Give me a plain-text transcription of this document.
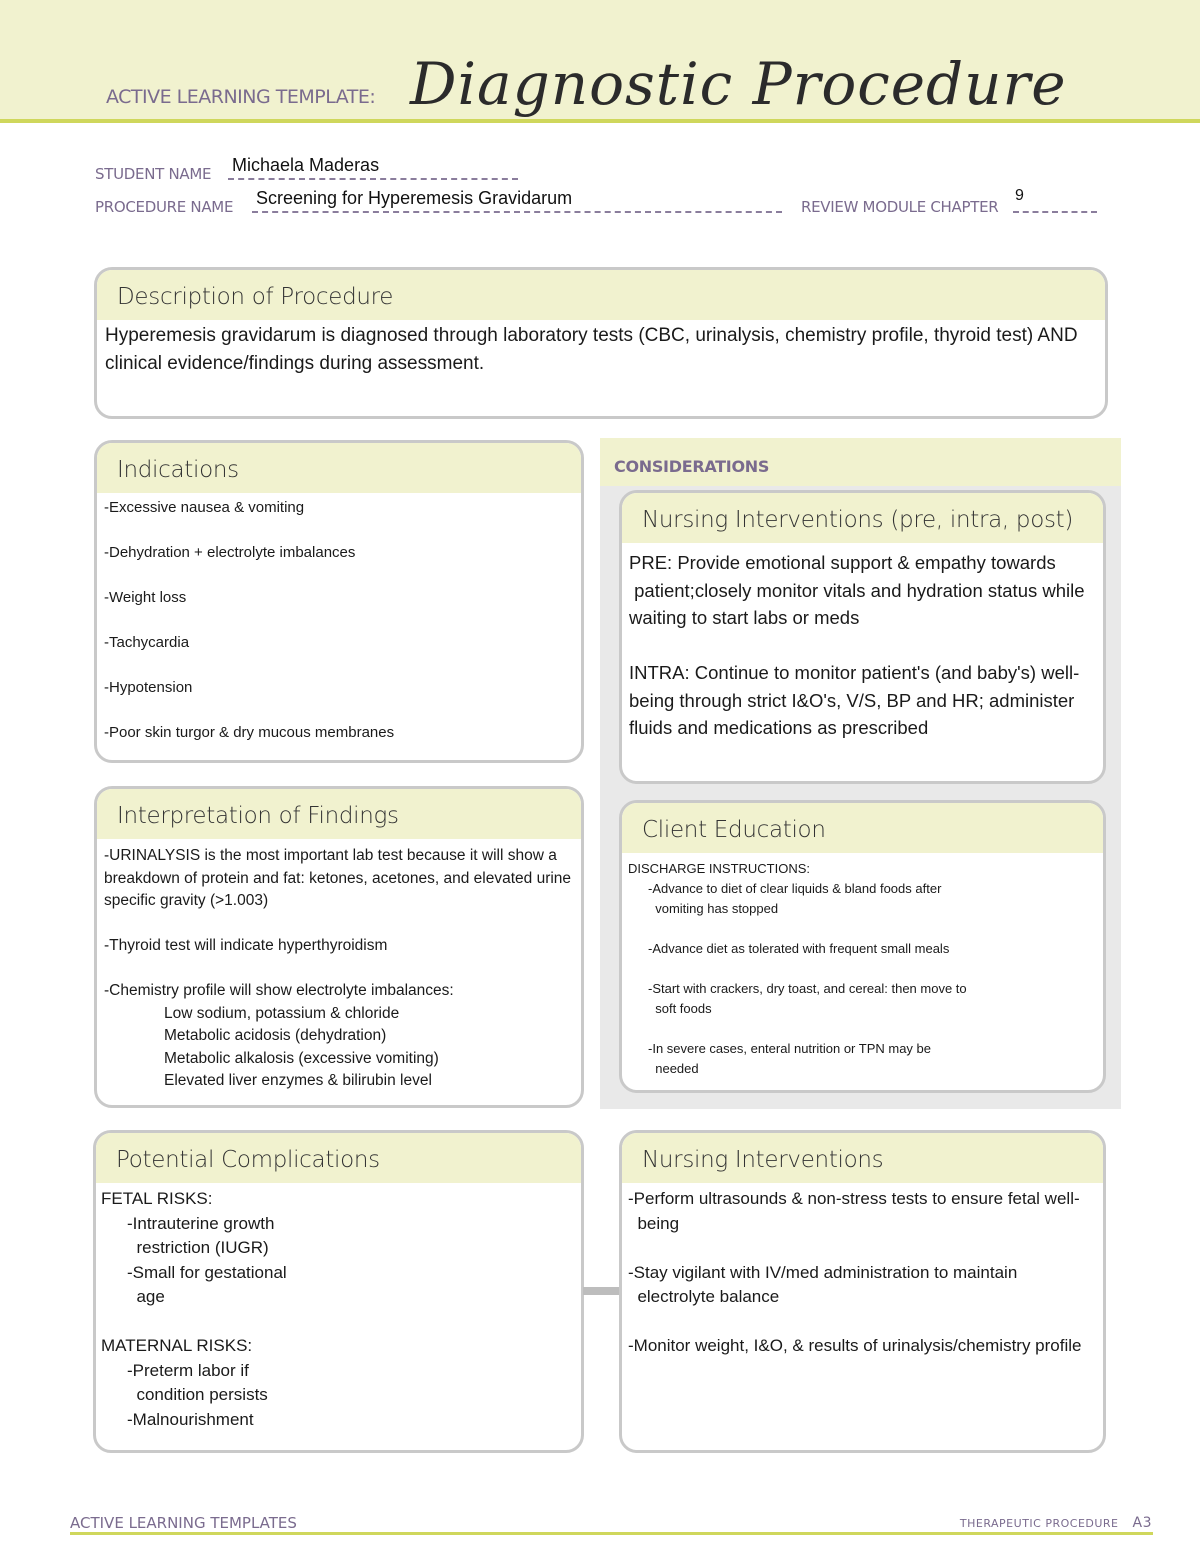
ACTIVE LEARNING TEMPLATE: Diagnostic Procedure
STUDENT NAME Michaela Maderas
PROCEDURE NAME Screening for Hyperemesis Gravidarum	REVIEW MODULE CHAPTER
9
Description of Procedure
Hyperemesis gravidarum is diagnosed through laboratory tests (CBC, urinalysis, chemistry profile, thyroid test) AND clinical evidence/findings during assessment.
Indications
-Excessive nausea & vomiting
-Dehydration + electrolyte imbalances
-Weight loss
-Tachycardia
-Hypotension
-Poor skin turgor & dry mucous membranes
Interpretation of Findings
-URINALYSIS is the most important lab test because it will show a breakdown of protein and fat: ketones, acetones, and elevated urine specific gravity (>1.003)

-Thyroid test will indicate hyperthyroidism

-Chemistry profile will show electrolyte imbalances:
Low sodium, potassium & chloride
Metabolic acidosis (dehydration)
Metabolic alkalosis (excessive vomiting)
Elevated liver enzymes & bilirubin level
CONSIDERATIONS
Nursing Interventions (pre, intra, post)
PRE: Provide emotional support & empathy towards
patient;closely monitor vitals and hydration status while waiting to start labs or meds

INTRA: Continue to monitor patient's (and baby's) well-being through strict I&O's, V/S, BP and HR; administer fluids and medications as prescribed
Client Education
DISCHARGE INSTRUCTIONS:
-Advance to diet of clear liquids & bland foods after
vomiting has stopped

-Advance diet as tolerated with frequent small meals

-Start with crackers, dry toast, and cereal: then move to
soft foods

-In severe cases, enteral nutrition or TPN may be
needed
Potential Complications
FETAL RISKS:
-Intrauterine growth
restriction (IUGR)
-Small for gestational
age

MATERNAL RISKS:
-Preterm labor if
condition persists
-Malnourishment
Nursing Interventions
-Perform ultrasounds & non-stress tests to ensure fetal well-
being

-Stay vigilant with IV/med administration to maintain
electrolyte balance

-Monitor weight, I&O, & results of urinalysis/chemistry profile
ACTIVE LEARNING TEMPLATES	THERAPEUTIC PROCEDURE A3
